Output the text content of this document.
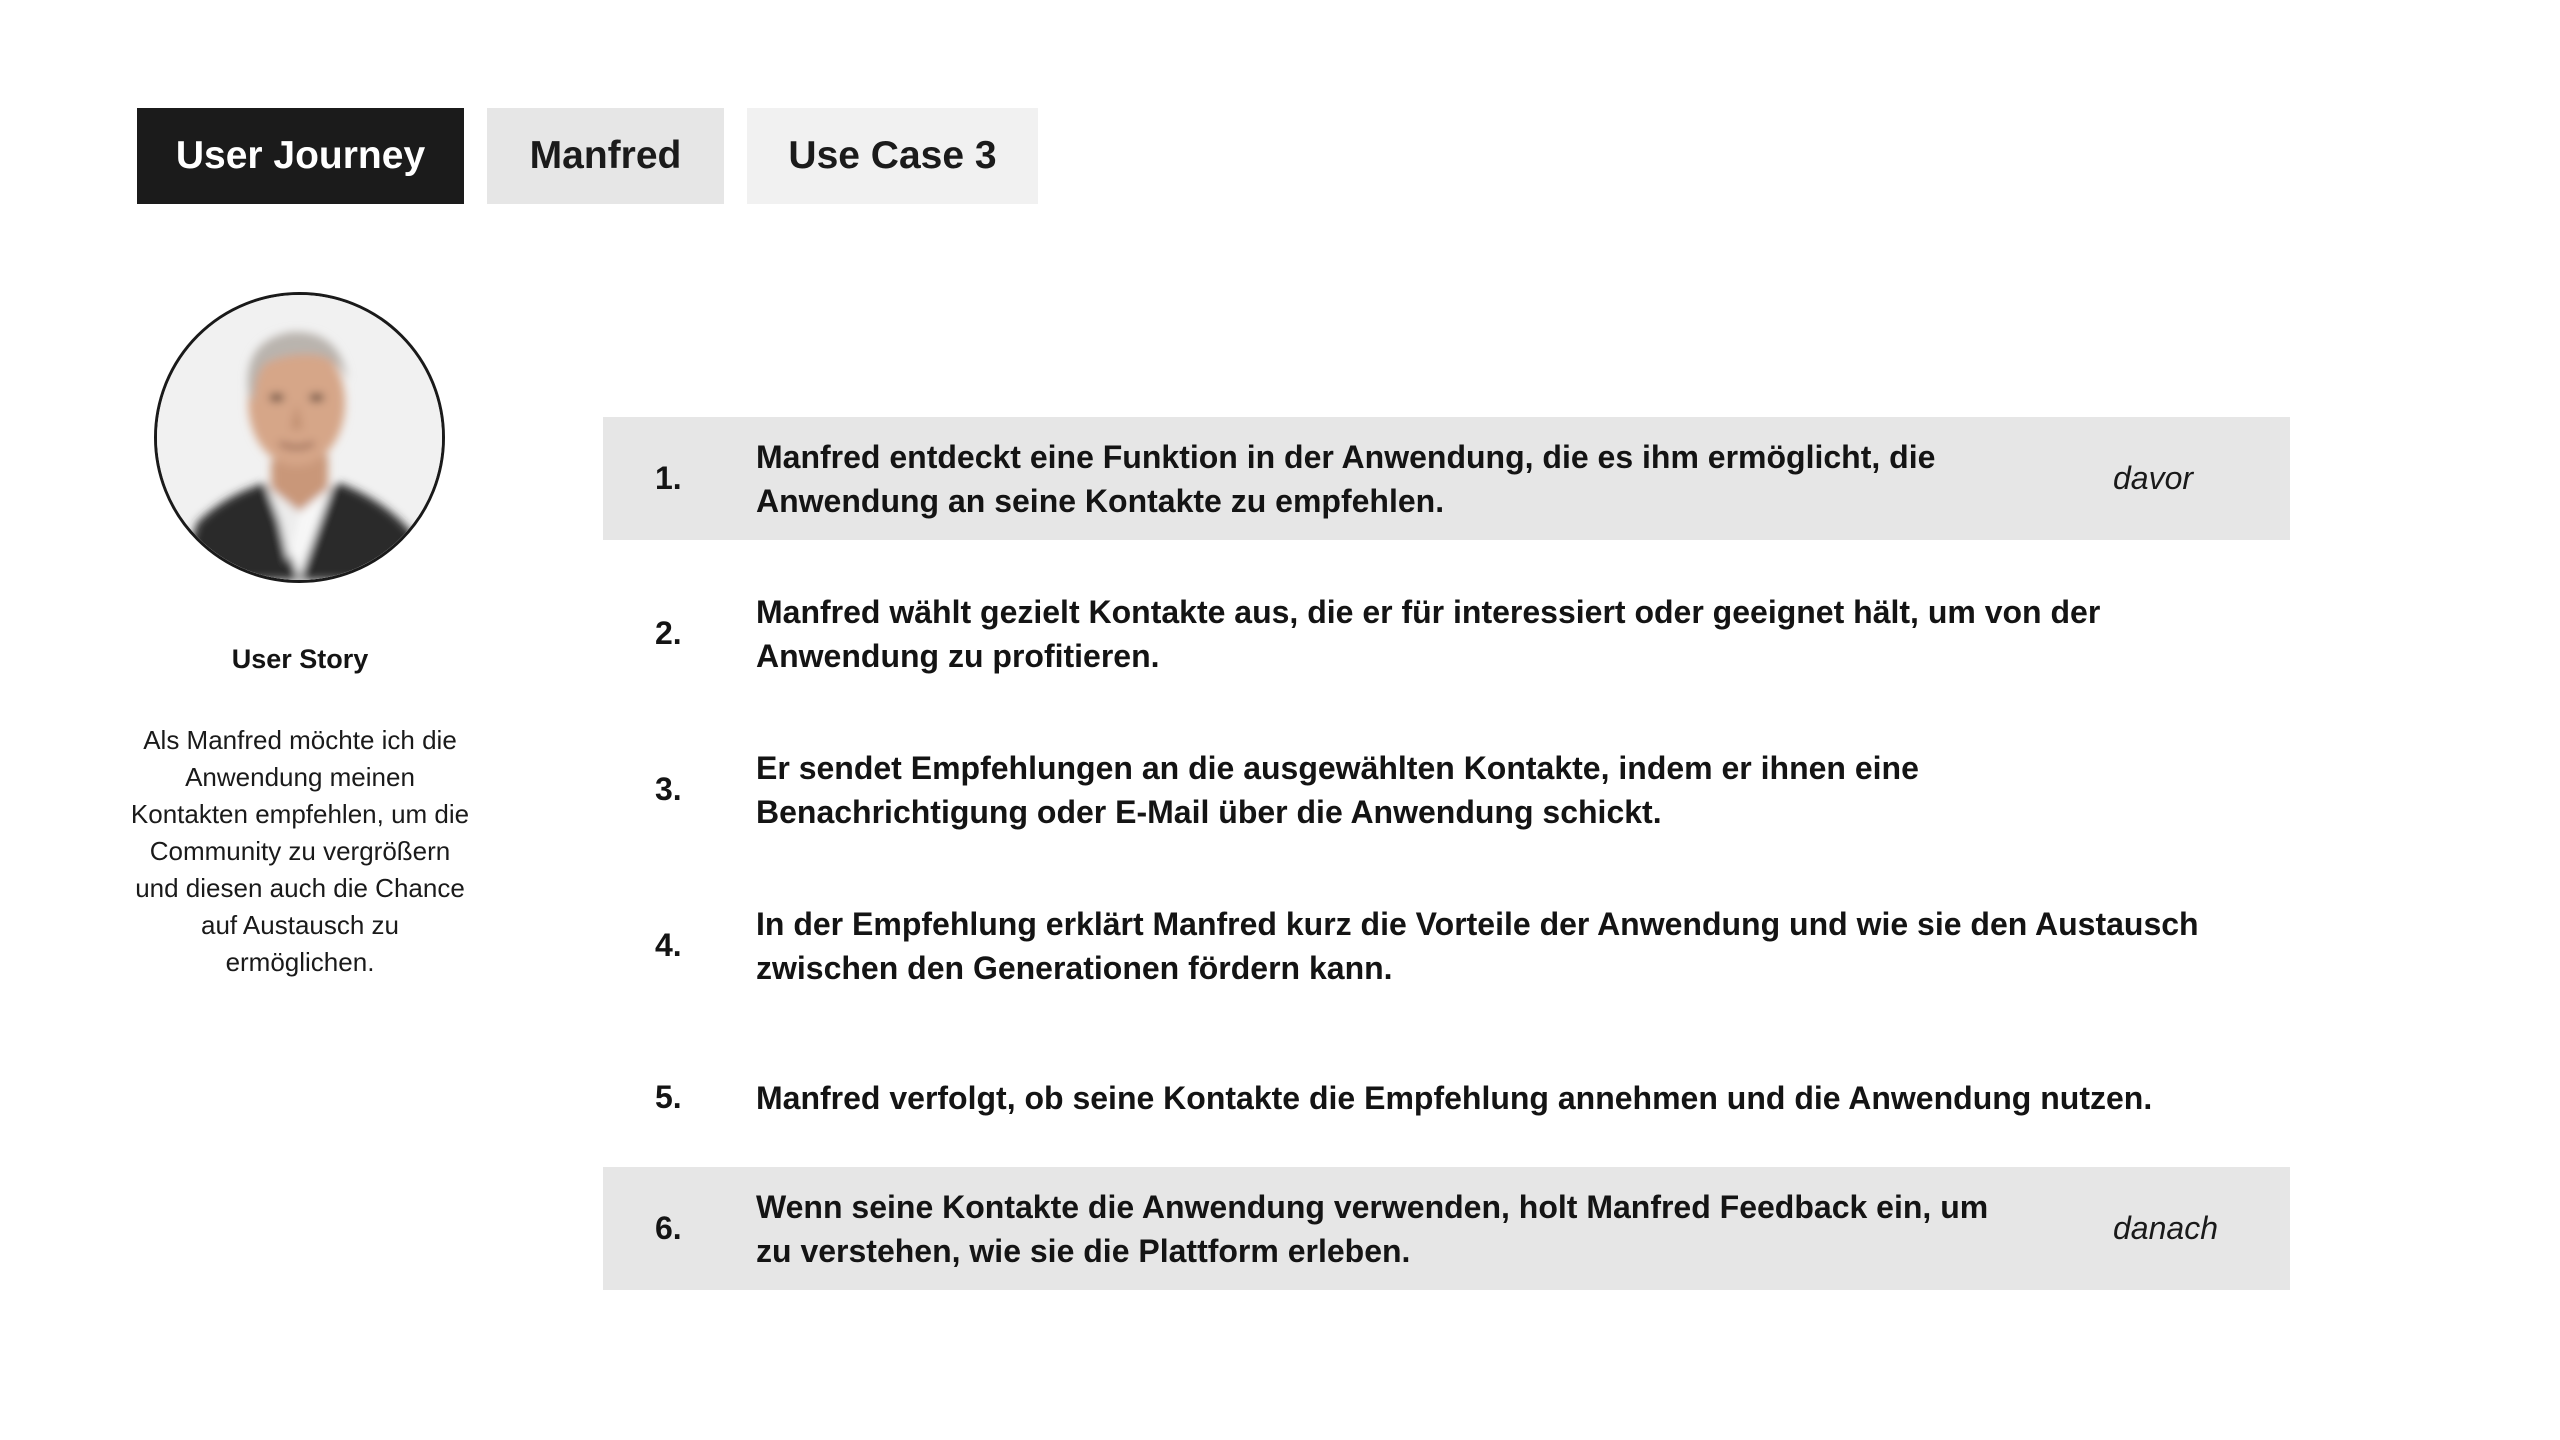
User Journey	Manfred	Use Case 3
User Story
Als Manfred möchte ich die Anwendung meinen Kontakten empfehlen, um die Community zu vergrößern und diesen auch die Chance auf Austausch zu ermöglichen.
1.
Manfred entdeckt eine Funktion in der Anwendung, die es ihm ermöglicht, die Anwendung an seine Kontakte zu empfehlen.
davor
2.
Manfred wählt gezielt Kontakte aus, die er für interessiert oder geeignet hält, um von der Anwendung zu profitieren.
3.
Er sendet Empfehlungen an die ausgewählten Kontakte, indem er ihnen eine Benachrichtigung oder E-Mail über die Anwendung schickt.
4.
In der Empfehlung erklärt Manfred kurz die Vorteile der Anwendung und wie sie den Austausch zwischen den Generationen fördern kann.
5. Manfred verfolgt, ob seine Kontakte die Empfehlung annehmen und die Anwendung nutzen.
6.
Wenn seine Kontakte die Anwendung verwenden, holt Manfred Feedback ein, um zu verstehen, wie sie die Plattform erleben.
danach
